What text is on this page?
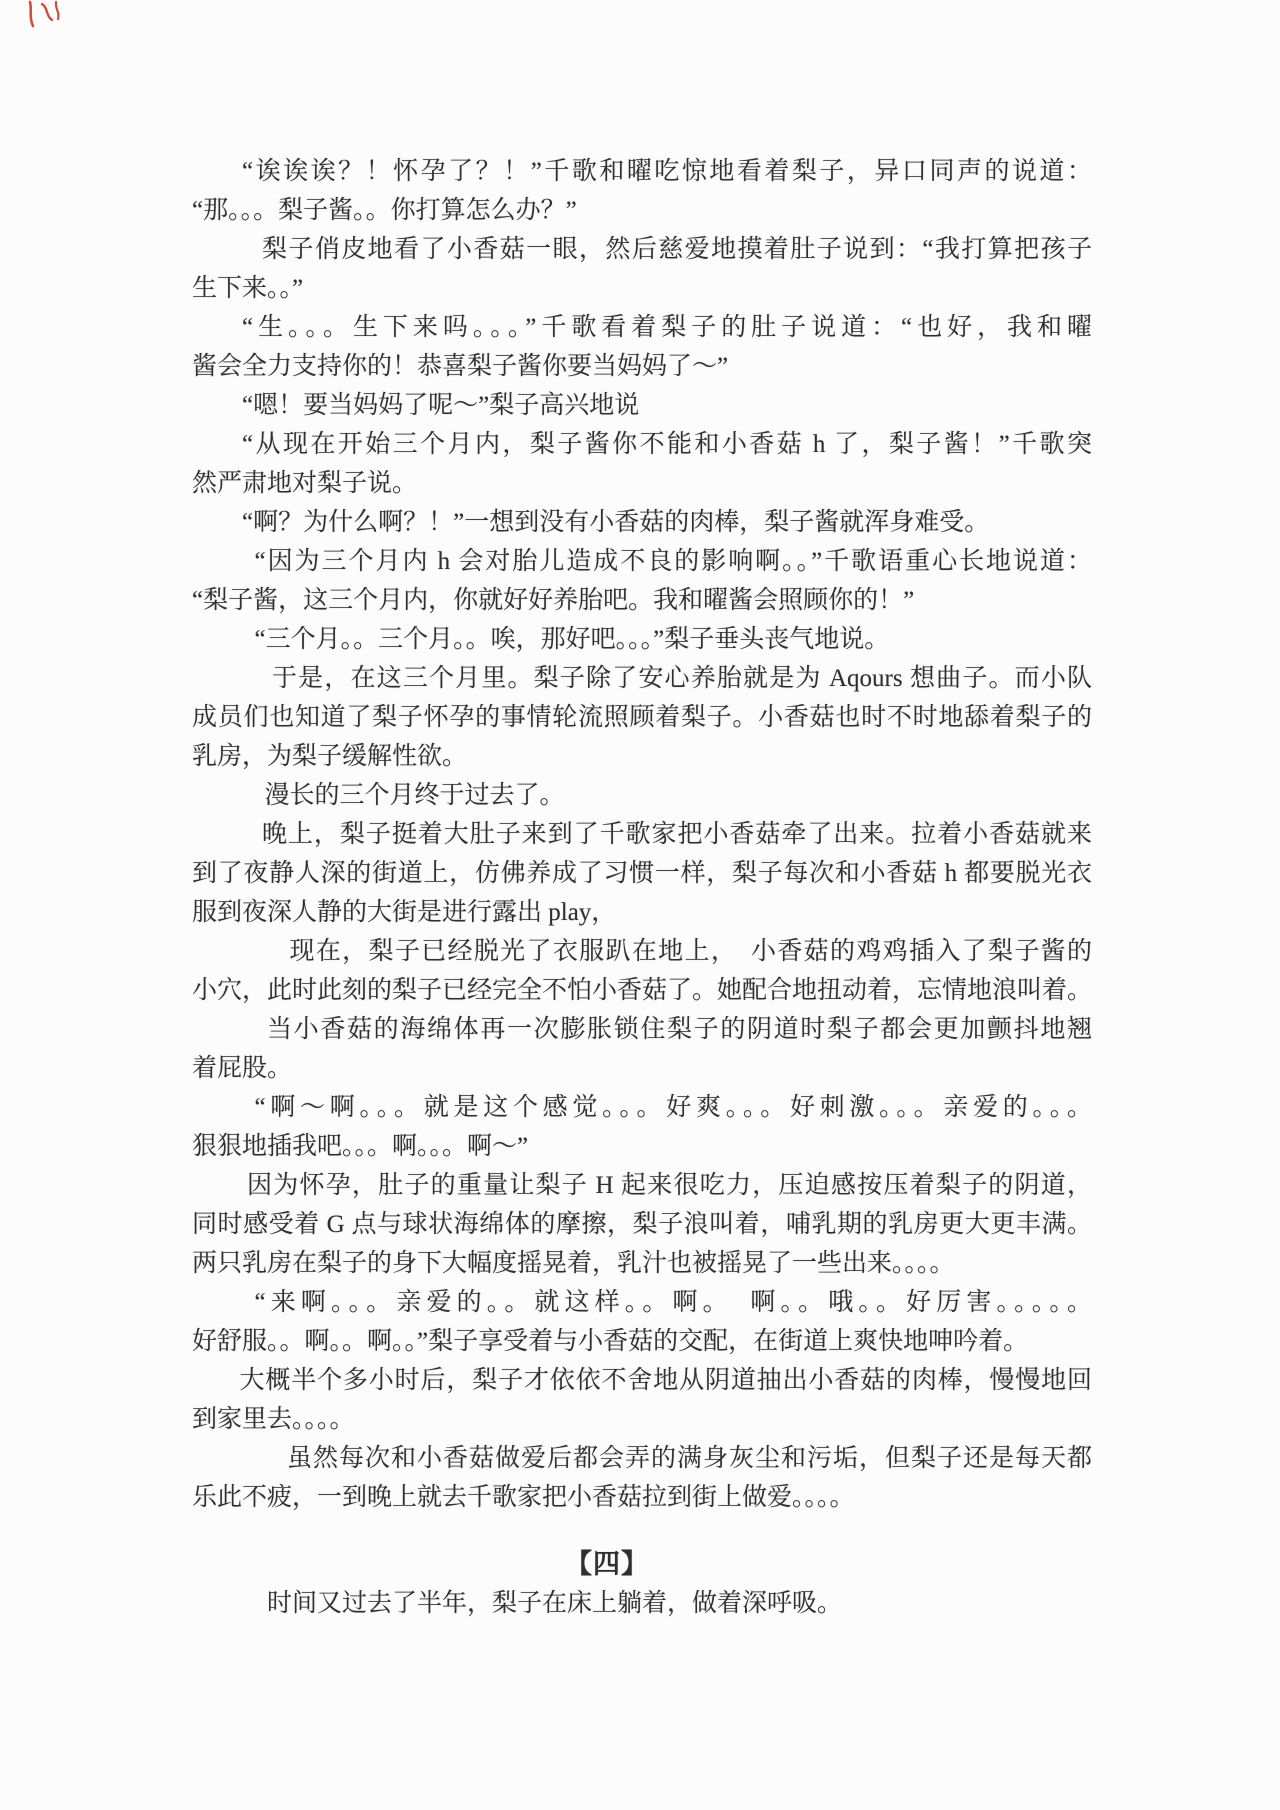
“诶诶诶？！怀孕了？！”千歌和曜吃惊地看着梨子，异口同声的说道：
“那。。。梨子酱。。你打算怎么办？”
梨子俏皮地看了小香菇一眼，然后慈爱地摸着肚子说到：“我打算把孩子
生下来。。”
“生。。。生下来吗。。。”千歌看着梨子的肚子说道：“也好，我和曜
酱会全力支持你的！恭喜梨子酱你要当妈妈了～”
“嗯！要当妈妈了呢～”梨子高兴地说
“从现在开始三个月内，梨子酱你不能和小香菇 h 了，梨子酱！”千歌突
然严肃地对梨子说。
“啊？为什么啊？！”一想到没有小香菇的肉棒，梨子酱就浑身难受。
“因为三个月内 h 会对胎儿造成不良的影响啊。。”千歌语重心长地说道：
“梨子酱，这三个月内，你就好好养胎吧。我和曜酱会照顾你的！”
“三个月。。三个月。。唉，那好吧。。。”梨子垂头丧气地说。
于是，在这三个月里。梨子除了安心养胎就是为 Aqours 想曲子。而小队
成员们也知道了梨子怀孕的事情轮流照顾着梨子。小香菇也时不时地舔着梨子的
乳房，为梨子缓解性欲。
漫长的三个月终于过去了。
晚上，梨子挺着大肚子来到了千歌家把小香菇牵了出来。拉着小香菇就来
到了夜静人深的街道上，仿佛养成了习惯一样，梨子每次和小香菇 h 都要脱光衣
服到夜深人静的大街是进行露出 play，
现在，梨子已经脱光了衣服趴在地上，　小香菇的鸡鸡插入了梨子酱的
小穴，此时此刻的梨子已经完全不怕小香菇了。她配合地扭动着，忘情地浪叫着。
当小香菇的海绵体再一次膨胀锁住梨子的阴道时梨子都会更加颤抖地翘
着屁股。
“啊～啊。。。就是这个感觉。。。好爽。。。好刺激。。。亲爱的。。。
狠狠地插我吧。。。啊。。。啊～”
因为怀孕，肚子的重量让梨子 H 起来很吃力，压迫感按压着梨子的阴道，
同时感受着 G 点与球状海绵体的摩擦，梨子浪叫着，哺乳期的乳房更大更丰满。
两只乳房在梨子的身下大幅度摇晃着，乳汁也被摇晃了一些出来。。。。
“来啊。。。亲爱的。。就这样。。啊。　啊。。哦。。好厉害。。。。。
好舒服。。啊。。啊。。”梨子享受着与小香菇的交配，在街道上爽快地呻吟着。
大概半个多小时后，梨子才依依不舍地从阴道抽出小香菇的肉棒，慢慢地回
到家里去。。。。
虽然每次和小香菇做爱后都会弄的满身灰尘和污垢，但梨子还是每天都
乐此不疲，一到晚上就去千歌家把小香菇拉到街上做爱。。。。
【四】
时间又过去了半年，梨子在床上躺着，做着深呼吸。
